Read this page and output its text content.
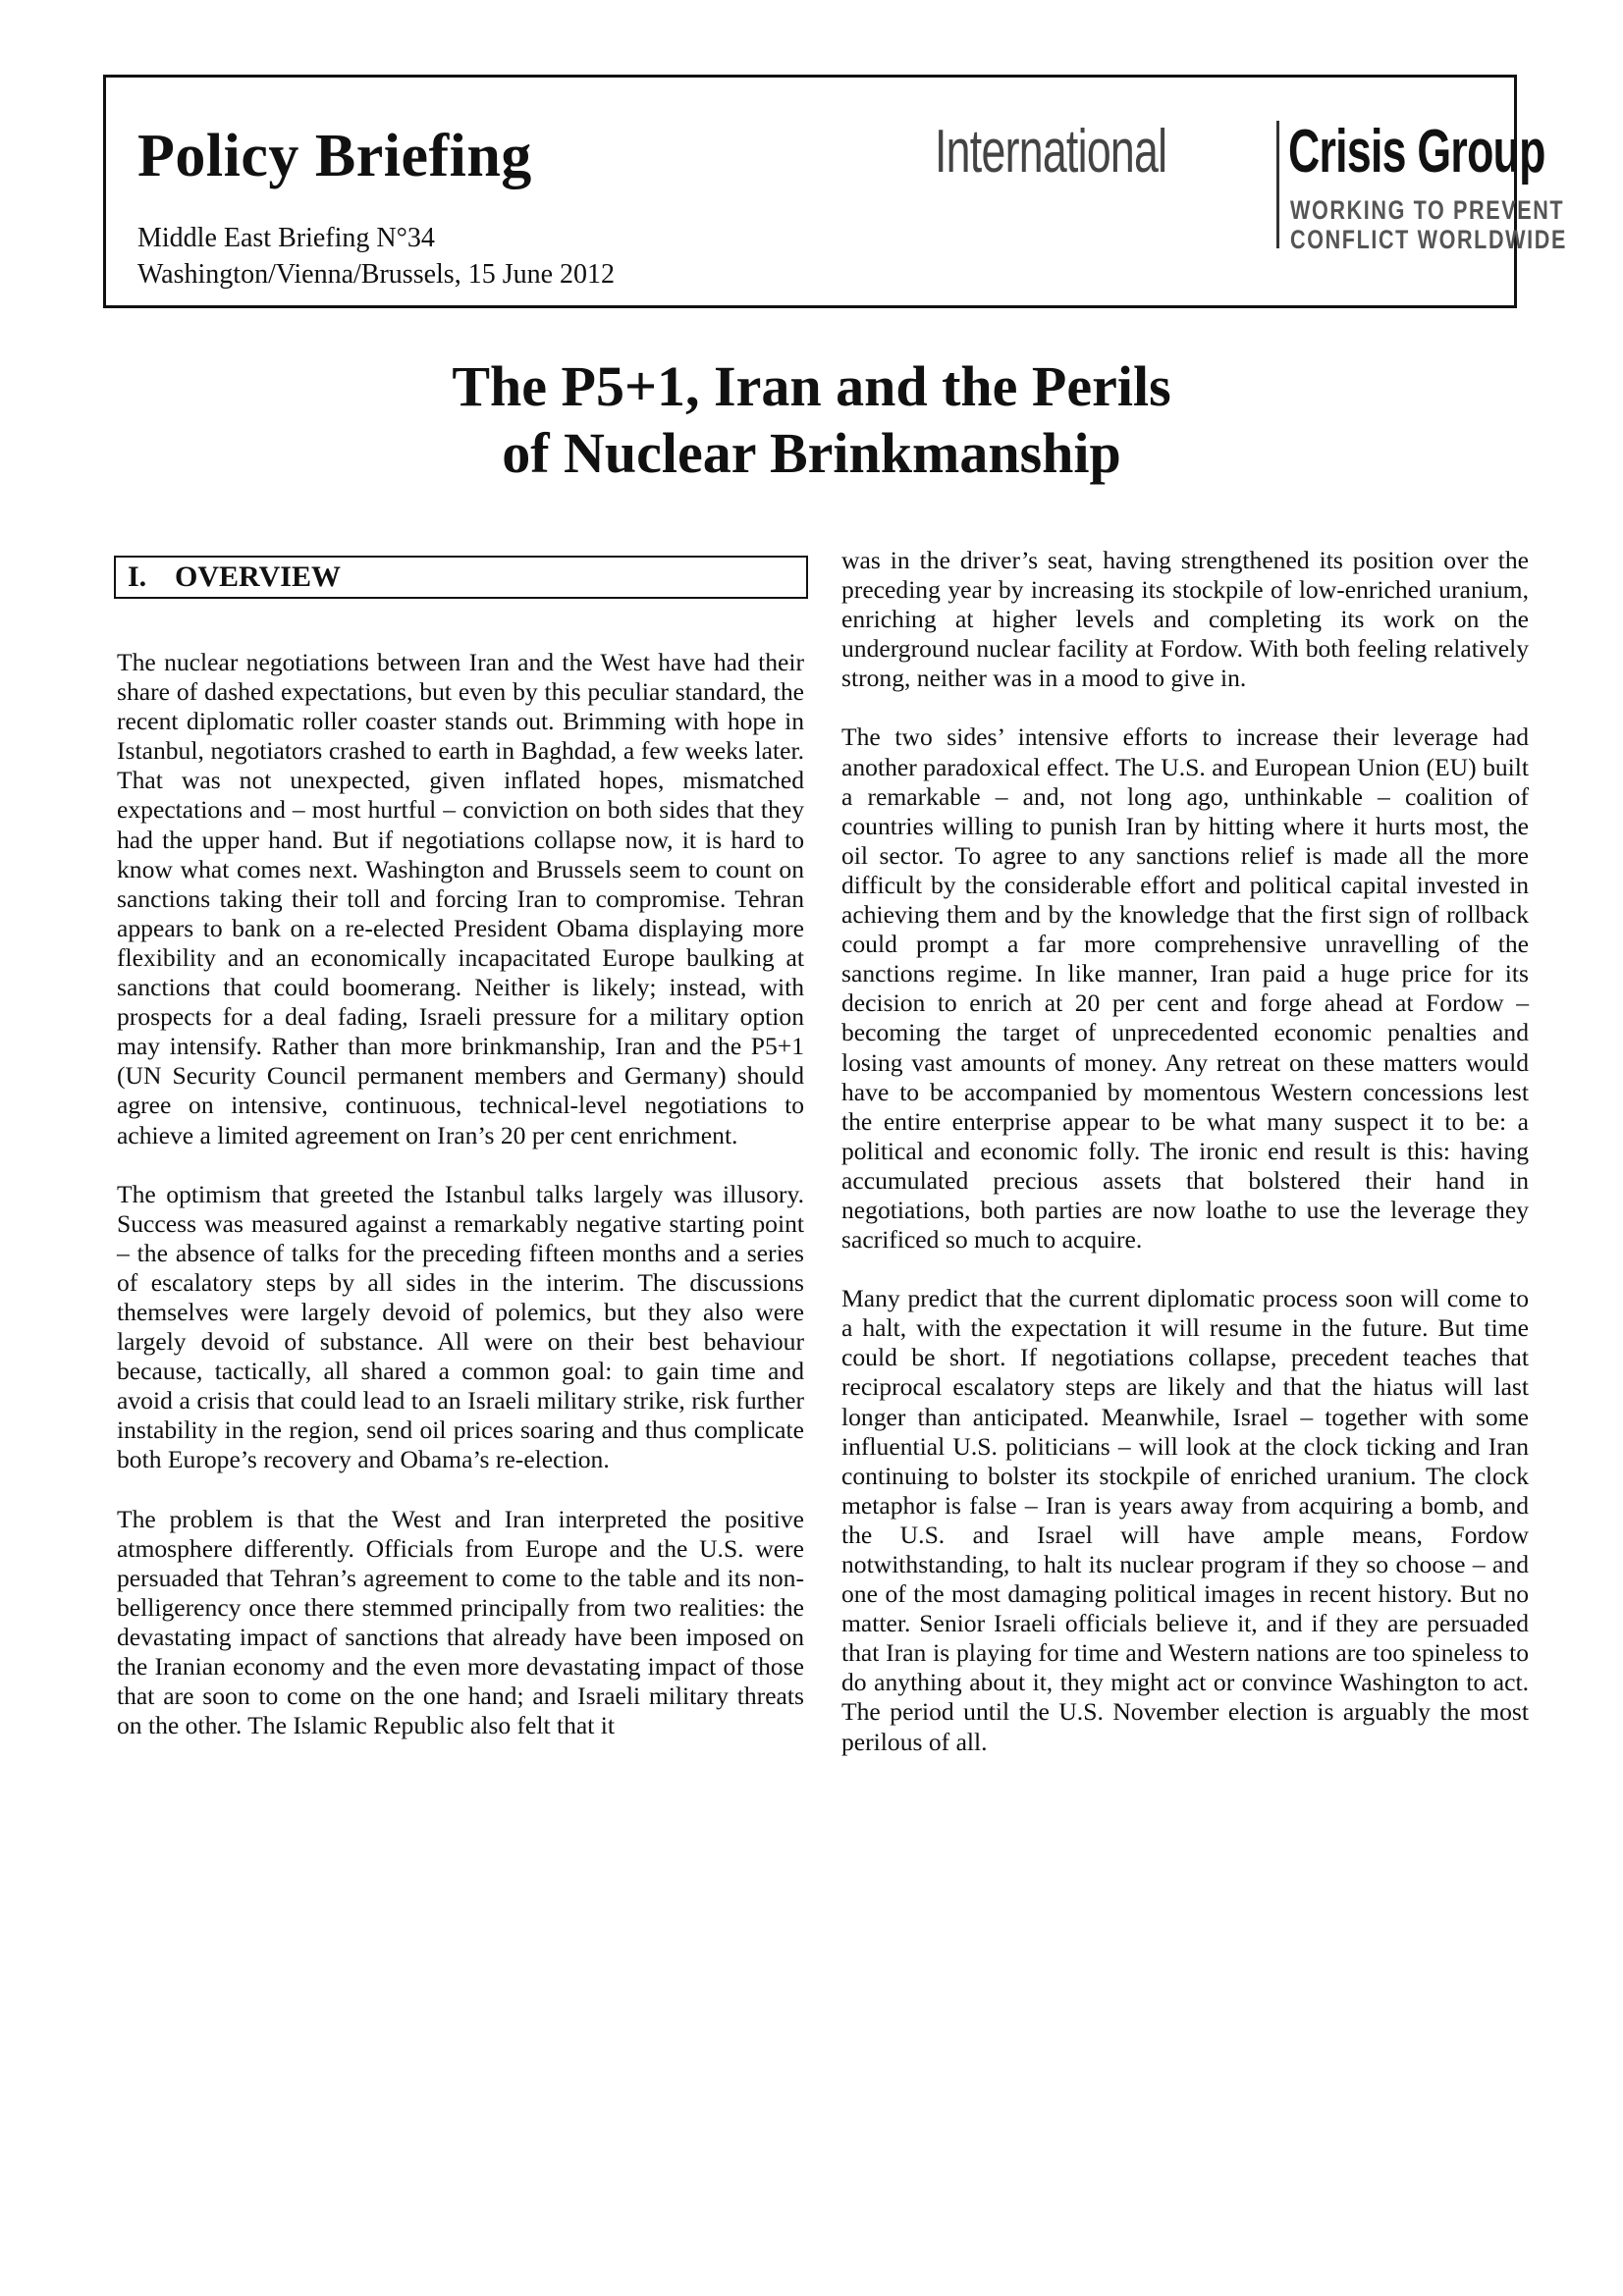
Policy Briefing
Middle East Briefing N°34
Washington/Vienna/Brussels, 15 June 2012
International Crisis Group
WORKING TO PREVENT
CONFLICT WORLDWIDE
The P5+1, Iran and the Perils
of Nuclear Brinkmanship
I. OVERVIEW

The nuclear negotiations between Iran and the West have had their share of dashed expectations, but even by this peculiar standard, the recent diplomatic roller coaster stands out. Brimming with hope in Istanbul, negotiators crashed to earth in Baghdad, a few weeks later. That was not unexpected, given inflated hopes, mismatched expectations and – most hurtful – conviction on both sides that they had the upper hand. But if negotiations collapse now, it is hard to know what comes next. Washington and Brussels seem to count on sanctions taking their toll and forcing Iran to compromise. Tehran appears to bank on a re-elected President Obama displaying more flexibility and an economically incapacitated Europe baulking at sanctions that could boomerang. Neither is likely; instead, with prospects for a deal fading, Israeli pressure for a military option may intensify. Rather than more brinkmanship, Iran and the P5+1 (UN Security Council permanent members and Germany) should agree on intensive, continuous, technical-level negotiations to achieve a limited agreement on Iran’s 20 per cent enrichment.

The optimism that greeted the Istanbul talks largely was illusory. Success was measured against a remarkably negative starting point – the absence of talks for the preceding fifteen months and a series of escalatory steps by all sides in the interim. The discussions themselves were largely devoid of polemics, but they also were largely devoid of substance. All were on their best behaviour because, tactically, all shared a common goal: to gain time and avoid a crisis that could lead to an Israeli military strike, risk further instability in the region, send oil prices soaring and thus complicate both Europe’s recovery and Obama’s re-election.

The problem is that the West and Iran interpreted the positive atmosphere differently. Officials from Europe and the U.S. were persuaded that Tehran’s agreement to come to the table and its non-belligerency once there stemmed principally from two realities: the devastating impact of sanctions that already have been imposed on the Iranian economy and the even more devastating impact of those that are soon to come on the one hand; and Israeli military threats on the other. The Islamic Republic also felt that it

was in the driver’s seat, having strengthened its position over the preceding year by increasing its stockpile of low-enriched uranium, enriching at higher levels and completing its work on the underground nuclear facility at Fordow. With both feeling relatively strong, neither was in a mood to give in.

The two sides’ intensive efforts to increase their leverage had another paradoxical effect. The U.S. and European Union (EU) built a remarkable – and, not long ago, unthinkable – coalition of countries willing to punish Iran by hitting where it hurts most, the oil sector. To agree to any sanctions relief is made all the more difficult by the considerable effort and political capital invested in achieving them and by the knowledge that the first sign of rollback could prompt a far more comprehensive unravelling of the sanctions regime. In like manner, Iran paid a huge price for its decision to enrich at 20 per cent and forge ahead at Fordow – becoming the target of unprecedented economic penalties and losing vast amounts of money. Any retreat on these matters would have to be accompanied by momentous Western concessions lest the entire enterprise appear to be what many suspect it to be: a political and economic folly. The ironic end result is this: having accumulated precious assets that bolstered their hand in negotiations, both parties are now loathe to use the leverage they sacrificed so much to acquire.

Many predict that the current diplomatic process soon will come to a halt, with the expectation it will resume in the future. But time could be short. If negotiations collapse, precedent teaches that reciprocal escalatory steps are likely and that the hiatus will last longer than anticipated. Meanwhile, Israel – together with some influential U.S. politicians – will look at the clock ticking and Iran continuing to bolster its stockpile of enriched uranium. The clock metaphor is false – Iran is years away from acquiring a bomb, and the U.S. and Israel will have ample means, Fordow notwithstanding, to halt its nuclear program if they so choose – and one of the most damaging political images in recent history. But no matter. Senior Israeli officials believe it, and if they are persuaded that Iran is playing for time and Western nations are too spineless to do anything about it, they might act or convince Washington to act. The period until the U.S. November election is arguably the most perilous of all.
